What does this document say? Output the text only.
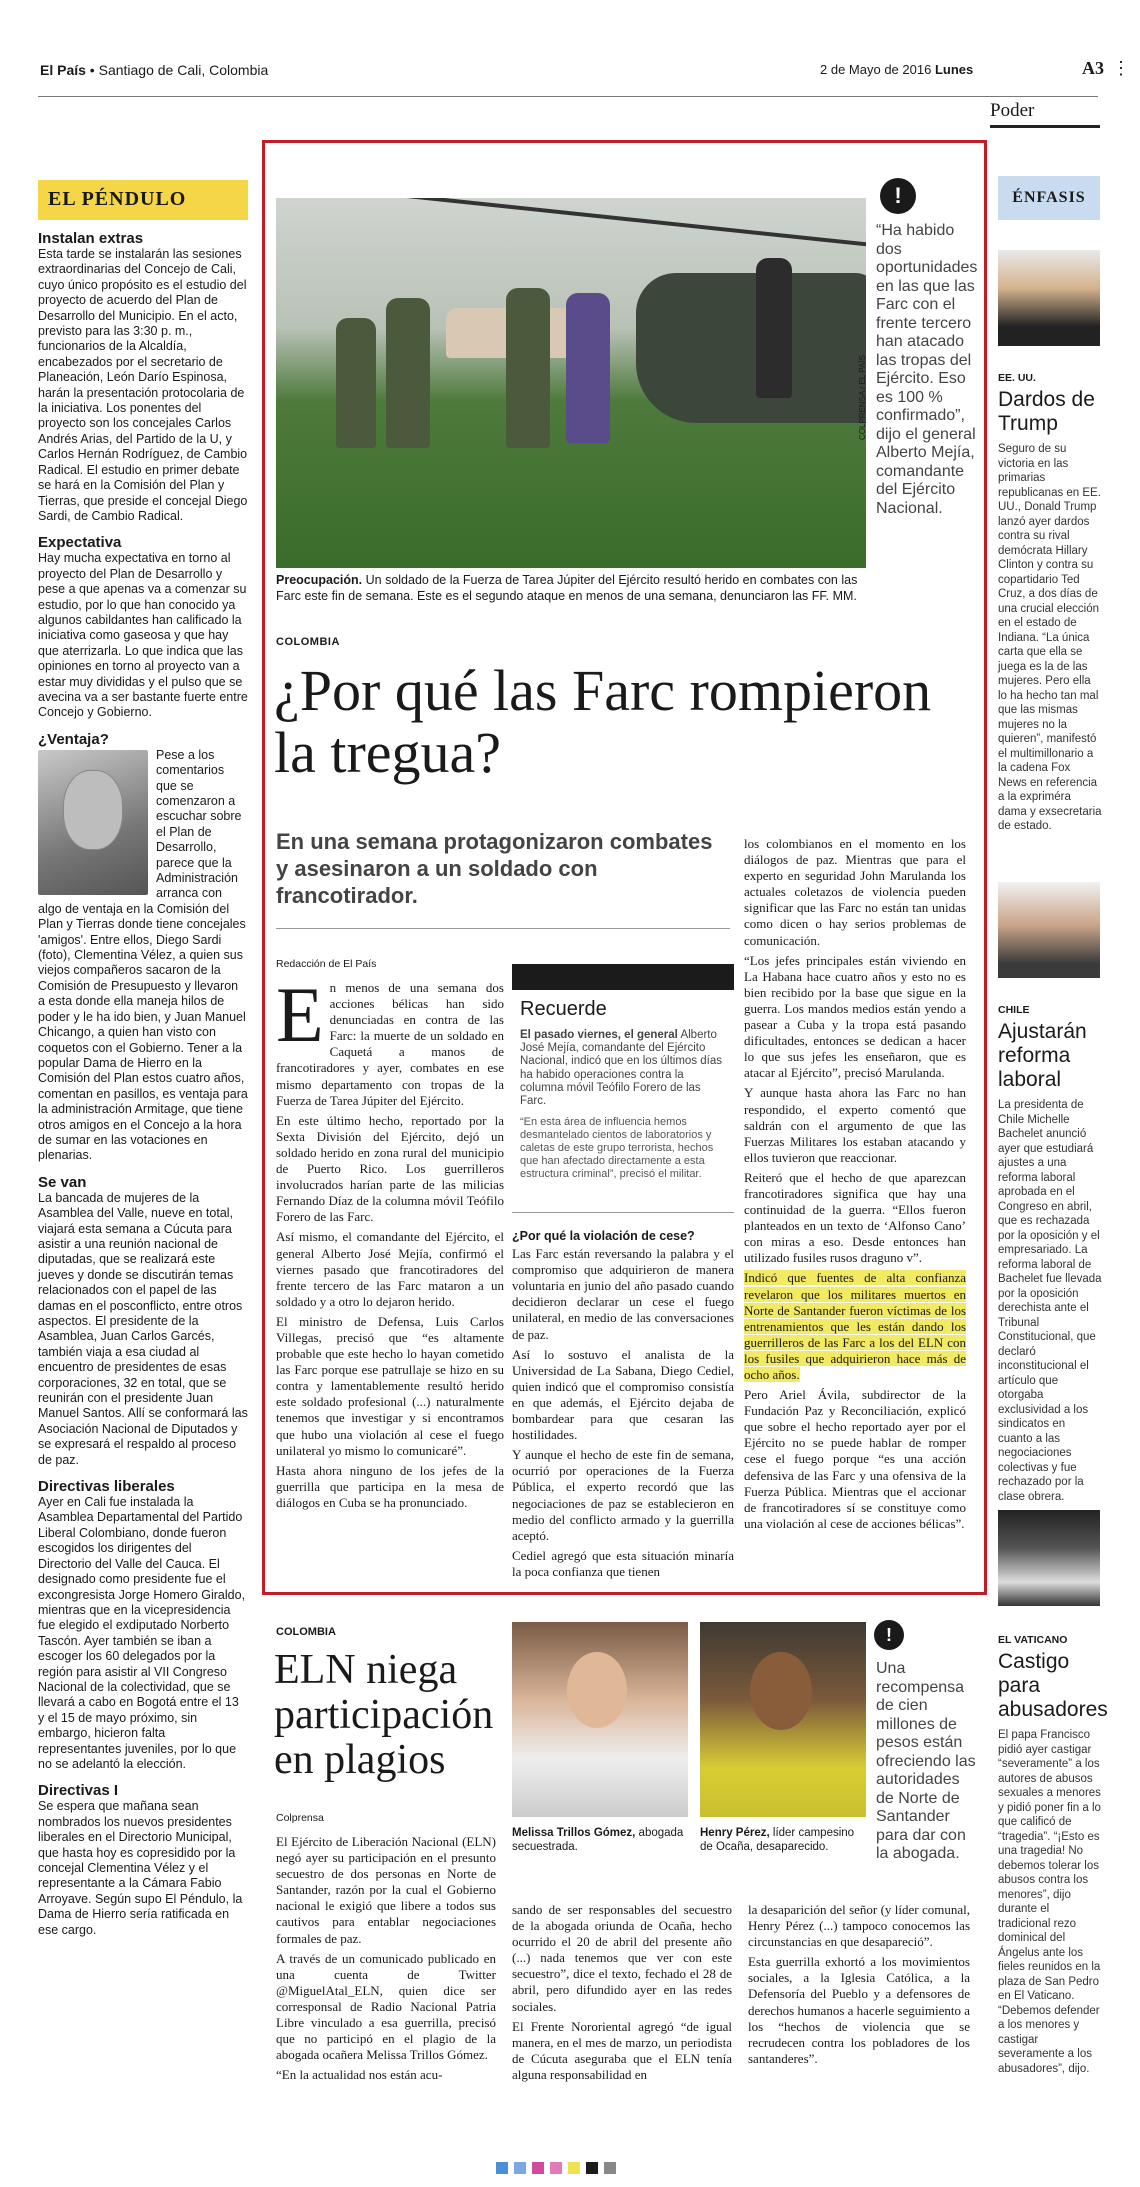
El País • Santiago de Cali, Colombia	2 de Mayo de 2016 Lunes	A3 ⋮
Poder
EL PÉNDULO
Instalan extras
Esta tarde se instalarán las sesiones extraordinarias del Concejo de Cali, cuyo único propósito es el estudio del proyecto de acuerdo del Plan de Desarrollo del Municipio. En el acto, previsto para las 3:30 p. m., funcionarios de la Alcaldía, encabezados por el secretario de Planeación, León Darío Espinosa, harán la presentación protocolaria de la iniciativa. Los ponentes del proyecto son los concejales Carlos Andrés Arias, del Partido de la U, y Carlos Hernán Rodríguez, de Cambio Radical. El estudio en primer debate se hará en la Comisión del Plan y Tierras, que preside el concejal Diego Sardi, de Cambio Radical.
Expectativa
Hay mucha expectativa en torno al proyecto del Plan de Desarrollo y pese a que apenas va a comenzar su estudio, por lo que han conocido ya algunos cabildantes han calificado la iniciativa como gaseosa y que hay que aterrizarla. Lo que indica que las opiniones en torno al proyecto van a estar muy divididas y el pulso que se avecina va a ser bastante fuerte entre Concejo y Gobierno.
¿Ventaja?
Pese a los comentarios que se comenzaron a escuchar sobre el Plan de Desarrollo, parece que la Administración arranca con algo de ventaja en la Comisión del Plan y Tierras donde tiene concejales 'amigos'. Entre ellos, Diego Sardi (foto), Clementina Vélez, a quien sus viejos compañeros sacaron de la Comisión de Presupuesto y llevaron a esta donde ella maneja hilos de poder y le ha ido bien, y Juan Manuel Chicango, a quien han visto con coquetos con el Gobierno. Tener a la popular Dama de Hierro en la Comisión del Plan estos cuatro años, comentan en pasillos, es ventaja para la administración Armitage, que tiene otros amigos en el Concejo a la hora de sumar en las votaciones en plenarias.
Se van
La bancada de mujeres de la Asamblea del Valle, nueve en total, viajará esta semana a Cúcuta para asistir a una reunión nacional de diputadas, que se realizará este jueves y donde se discutirán temas relacionados con el papel de las damas en el posconflicto, entre otros aspectos. El presidente de la Asamblea, Juan Carlos Garcés, también viaja a esa ciudad al encuentro de presidentes de esas corporaciones, 32 en total, que se reunirán con el presidente Juan Manuel Santos. Allí se conformará las Asociación Nacional de Diputados y se expresará el respaldo al proceso de paz.
Directivas liberales
Ayer en Cali fue instalada la Asamblea Departamental del Partido Liberal Colombiano, donde fueron escogidos los dirigentes del Directorio del Valle del Cauca. El designado como presidente fue el excongresista Jorge Homero Giraldo, mientras que en la vicepresidencia fue elegido el exdiputado Norberto Tascón. Ayer también se iban a escoger los 60 delegados por la región para asistir al VII Congreso Nacional de la colectividad, que se llevará a cabo en Bogotá entre el 13 y el 15 de mayo próximo, sin embargo, hicieron falta representantes juveniles, por lo que no se adelantó la elección.
Directivas I
Se espera que mañana sean nombrados los nuevos presidentes liberales en el Directorio Municipal, que hasta hoy es copresidido por la concejal Clementina Vélez y el representante a la Cámara Fabio Arroyave. Según supo El Péndulo, la Dama de Hierro sería ratificada en ese cargo.
COLPRENSA / EL PAÍS
Preocupación. Un soldado de la Fuerza de Tarea Júpiter del Ejército resultó herido en combates con las Farc este fin de semana. Este es el segundo ataque en menos de una semana, denunciaron las FF. MM.
!
“Ha habido dos oportunidades en las que las Farc con el frente tercero han atacado las tropas del Ejército. Eso es 100 % confirmado”, dijo el general Alberto Mejía, comandante del Ejército Nacional.
COLOMBIA
¿Por qué las Farc rompieron la tregua?
En una semana protagonizaron combates y asesinaron a un soldado con francotirador.
Redacción de El País

En menos de una semana dos acciones bélicas han sido denunciadas en contra de las Farc: la muerte de un soldado en Caquetá a manos de francotiradores y ayer, combates en ese mismo departamento con tropas de la Fuerza de Tarea Júpiter del Ejército.

En este último hecho, reportado por la Sexta División del Ejército, dejó un soldado herido en zona rural del municipio de Puerto Rico. Los guerrilleros involucrados harían parte de las milicias Fernando Díaz de la columna móvil Teófilo Forero de las Farc.

Así mismo, el comandante del Ejército, el general Alberto José Mejía, confirmó el viernes pasado que francotiradores del frente tercero de las Farc mataron a un soldado y a otro lo dejaron herido.

El ministro de Defensa, Luis Carlos Villegas, precisó que “es altamente probable que este hecho lo hayan cometido las Farc porque ese patrullaje se hizo en su contra y lamentablemente resultó herido este soldado profesional (...) naturalmente tenemos que investigar y si encontramos que hubo una violación al cese el fuego unilateral yo mismo lo comunicaré”.

Hasta ahora ninguno de los jefes de la guerrilla que participa en la mesa de diálogos en Cuba se ha pronunciado.

Recuerde
El pasado viernes, el general Alberto José Mejía, comandante del Ejército Nacional, indicó que en los últimos días ha habido operaciones contra la columna móvil Teófilo Forero de las Farc.
“En esta área de influencia hemos desmantelado cientos de laboratorios y caletas de este grupo terrorista, hechos que han afectado directamente a esta estructura criminal”, precisó el militar.
¿Por qué la violación de cese?

Las Farc están reversando la palabra y el compromiso que adquirieron de manera voluntaria en junio del año pasado cuando decidieron declarar un cese el fuego unilateral, en medio de las conversaciones de paz.

Así lo sostuvo el analista de la Universidad de La Sabana, Diego Cediel, quien indicó que el compromiso consistía en que además, el Ejército dejaba de bombardear para que cesaran las hostilidades.

Y aunque el hecho de este fin de semana, ocurrió por operaciones de la Fuerza Pública, el experto recordó que las negociaciones de paz se establecieron en medio del conflicto armado y la guerrilla aceptó.

Cediel agregó que esta situación minaría la poca confianza que tienen

los colombianos en el momento en los diálogos de paz. Mientras que para el experto en seguridad John Marulanda los actuales coletazos de violencia pueden significar que las Farc no están tan unidas como dicen o hay serios problemas de comunicación.

“Los jefes principales están viviendo en La Habana hace cuatro años y esto no es bien recibido por la base que sigue en la guerra. Los mandos medios están yendo a pasear a Cuba y la tropa está pasando dificultades, entonces se dedican a hacer lo que sus jefes les enseñaron, que es atacar al Ejército”, precisó Marulanda.

Y aunque hasta ahora las Farc no han respondido, el experto comentó que saldrán con el argumento de que las Fuerzas Militares los estaban atacando y ellos tuvieron que reaccionar.

Reiteró que el hecho de que aparezcan francotiradores significa que hay una continuidad de la guerra. “Ellos fueron planteados en un texto de ‘Alfonso Cano’ con miras a eso. Desde entonces han utilizado fusiles rusos draguno v”.

Indicó que fuentes de alta confianza revelaron que los militares muertos en Norte de Santander fueron víctimas de los entrenamientos que les están dando los guerrilleros de las Farc a los del ELN con los fusiles que adquirieron hace más de ocho años.

Pero Ariel Ávila, subdirector de la Fundación Paz y Reconciliación, explicó que sobre el hecho reportado ayer por el Ejército no se puede hablar de romper cese el fuego porque “es una acción defensiva de las Farc y una ofensiva de la Fuerza Pública. Mientras que el accionar de francotiradores sí se constituye como una violación al cese de acciones bélicas”.

COLOMBIA
ELN niega participación en plagios
Colprensa

El Ejército de Liberación Nacional (ELN) negó ayer su participación en el presunto secuestro de dos personas en Norte de Santander, razón por la cual el Gobierno nacional le exigió que libere a todos sus cautivos para entablar negociaciones formales de paz.

A través de un comunicado publicado en una cuenta de Twitter @MiguelAtal_ELN, quien dice ser corresponsal de Radio Nacional Patria Libre vinculado a esa guerrilla, precisó que no participó en el plagio de la abogada ocañera Melissa Trillos Gómez.

“En la actualidad nos están acu-

Melissa Trillos Gómez, abogada secuestrada.
Henry Pérez, líder campesino de Ocaña, desaparecido.
!
Una recompensa de cien millones de pesos están ofreciendo las autoridades de Norte de Santander para dar con la abogada.

sando de ser responsables del secuestro de la abogada oriunda de Ocaña, hecho ocurrido el 20 de abril del presente año (...) nada tenemos que ver con este secuestro”, dice el texto, fechado el 28 de abril, pero difundido ayer en las redes sociales.

El Frente Nororiental agregó “de igual manera, en el mes de marzo, un periodista de Cúcuta aseguraba que el ELN tenía alguna responsabilidad en

la desaparición del señor (y líder comunal, Henry Pérez (...) tampoco conocemos las circunstancias en que desapareció”.

Esta guerrilla exhortó a los movimientos sociales, a la Iglesia Católica, a la Defensoría del Pueblo y a defensores de derechos humanos a hacerle seguimiento a los “hechos de violencia que se recrudecen contra los pobladores de los santanderes”.

ÉNFASIS
EE. UU.
Dardos de Trump
Seguro de su victoria en las primarias republicanas en EE. UU., Donald Trump lanzó ayer dardos contra su rival demócrata Hillary Clinton y contra su copartidario Ted Cruz, a dos días de una crucial elección en el estado de Indiana. “La única carta que ella se juega es la de las mujeres. Pero ella lo ha hecho tan mal que las mismas mujeres no la quieren”, manifestó el multimillonario a la cadena Fox News en referencia a la expriméra dama y exsecretaria de estado.
CHILE
Ajustarán reforma laboral
La presidenta de Chile Michelle Bachelet anunció ayer que estudiará ajustes a una reforma laboral aprobada en el Congreso en abril, que es rechazada por la oposición y el empresariado. La reforma laboral de Bachelet fue llevada por la oposición derechista ante el Tribunal Constitucional, que declaró inconstitucional el artículo que otorgaba exclusividad a los sindicatos en cuanto a las negociaciones colectivas y fue rechazado por la clase obrera.
EL VATICANO
Castigo para abusadores
El papa Francisco pidió ayer castigar “severamente” a los autores de abusos sexuales a menores y pidió poner fin a lo que calificó de “tragedia”. “¡Esto es una tragedia! No debemos tolerar los abusos contra los menores”, dijo durante el tradicional rezo dominical del Ángelus ante los fieles reunidos en la plaza de San Pedro en El Vaticano. “Debemos defender a los menores y castigar severamente a los abusadores”, dijo.
